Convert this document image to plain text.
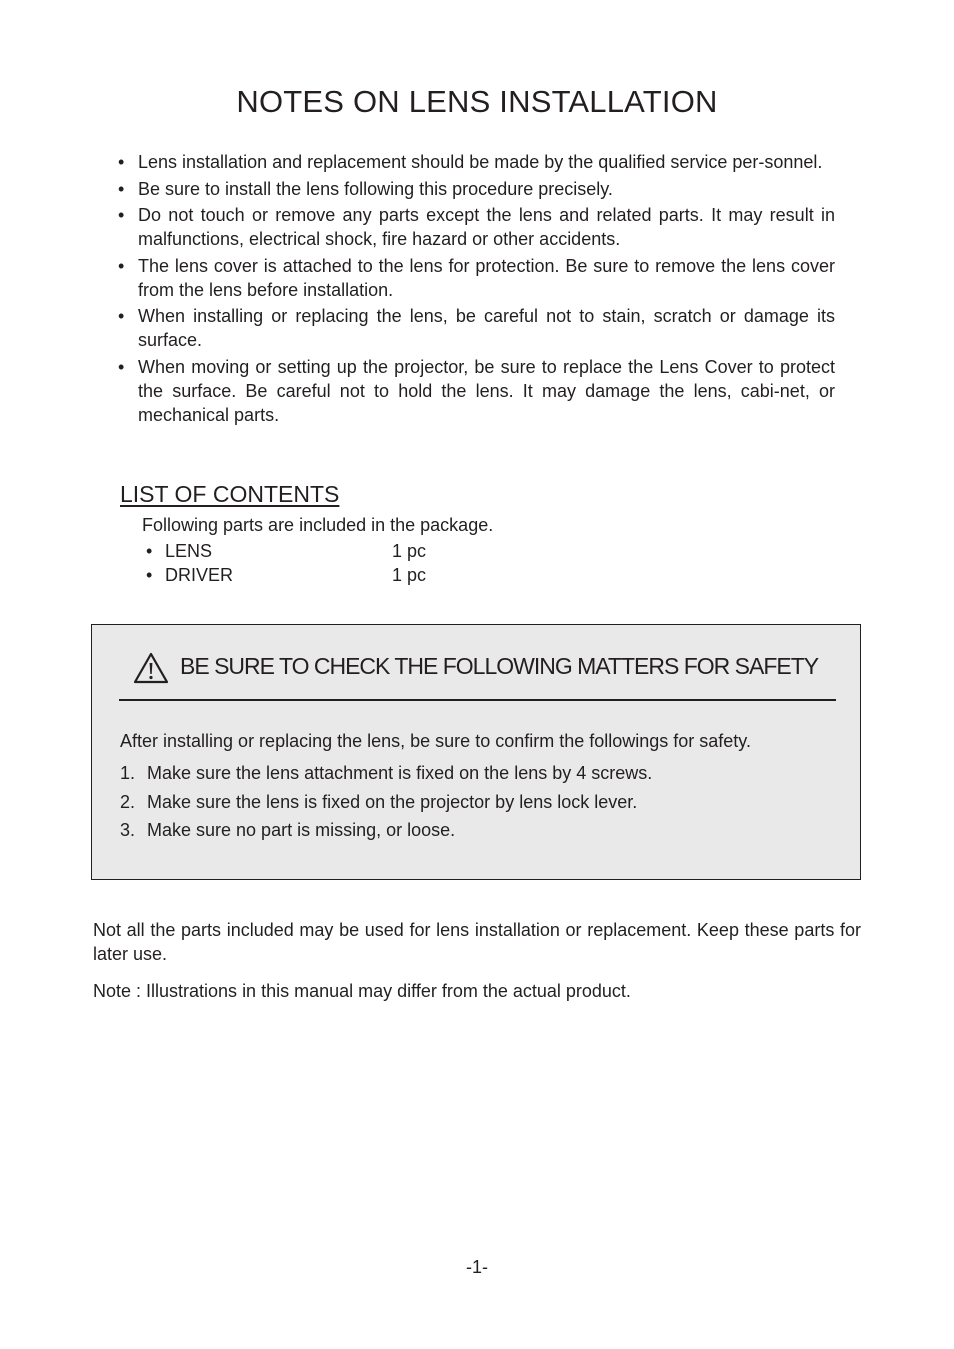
NOTES ON LENS INSTALLATION
• Lens installation and replacement should be made by the qualified service per-sonnel.
• Be sure to install the lens following this procedure precisely.
• Do not touch or remove any parts except the lens and related parts. It may result in malfunctions, electrical shock, fire hazard or other accidents.
• The lens cover is attached to the lens for protection. Be sure to remove the lens cover from the lens before installation.
• When installing or replacing the lens, be careful not to stain, scratch or damage its surface.
• When moving or setting up the projector, be sure to replace the Lens Cover to protect the surface. Be careful not to hold the lens. It may damage the lens, cabi-net, or mechanical parts.
LIST OF CONTENTS
Following parts are included in the package.
• LENS	1 pc
• DRIVER	1 pc
BE SURE TO CHECK THE FOLLOWING MATTERS FOR SAFETY
After installing or replacing the lens, be sure to confirm the followings for safety.
1. Make sure the lens attachment is fixed on the lens by 4 screws.
2. Make sure the lens is fixed on the projector by lens lock lever.
3. Make sure no part is missing, or loose.

Not all the parts included may be used for lens installation or replacement. Keep these parts for later use.

Note : Illustrations in this manual may differ from the actual product.

-1-
